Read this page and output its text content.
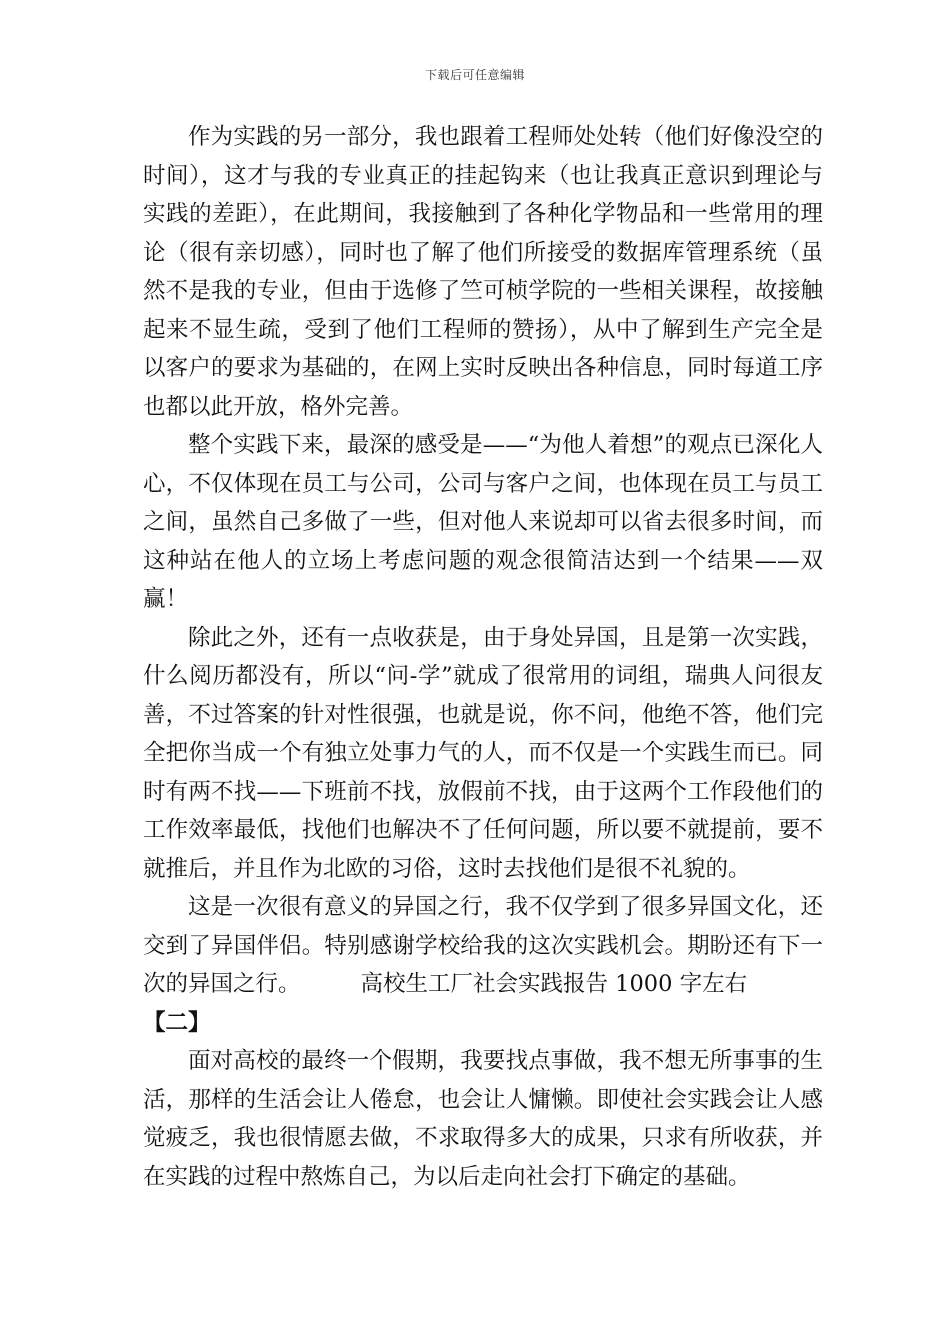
下载后可任意编辑

作为实践的另一部分，我也跟着工程师处处转（他们好像没空的时间），这才与我的专业真正的挂起钩来（也让我真正意识到理论与实践的差距），在此期间，我接触到了各种化学物品和一些常用的理论（很有亲切感），同时也了解了他们所接受的数据库管理系统（虽然不是我的专业，但由于选修了竺可桢学院的一些相关课程，故接触起来不显生疏，受到了他们工程师的赞扬），从中了解到生产完全是以客户的要求为基础的，在网上实时反映出各种信息，同时每道工序也都以此开放，格外完善。

整个实践下来，最深的感受是——“为他人着想”的观点已深化人心，不仅体现在员工与公司，公司与客户之间，也体现在员工与员工之间，虽然自己多做了一些，但对他人来说却可以省去很多时间，而这种站在他人的立场上考虑问题的观念很简洁达到一个结果——双赢！

除此之外，还有一点收获是，由于身处异国，且是第一次实践，什么阅历都没有，所以“问-学”就成了很常用的词组，瑞典人问很友善，不过答案的针对性很强，也就是说，你不问，他绝不答，他们完全把你当成一个有独立处事力气的人，而不仅是一个实践生而已。同时有两不找——下班前不找，放假前不找，由于这两个工作段他们的工作效率最低，找他们也解决不了任何问题，所以要不就提前，要不就推后，并且作为北欧的习俗，这时去找他们是很不礼貌的。

这是一次很有意义的异国之行，我不仅学到了很多异国文化，还交到了异国伴侣。特别感谢学校给我的这次实践机会。期盼还有下一次的异国之行。	高校生工厂社会实践报告 1000 字左右

【二】

面对高校的最终一个假期，我要找点事做，我不想无所事事的生活，那样的生活会让人倦怠，也会让人慵懒。即使社会实践会让人感觉疲乏，我也很情愿去做，不求取得多大的成果，只求有所收获，并在实践的过程中熬炼自己，为以后走向社会打下确定的基础。
